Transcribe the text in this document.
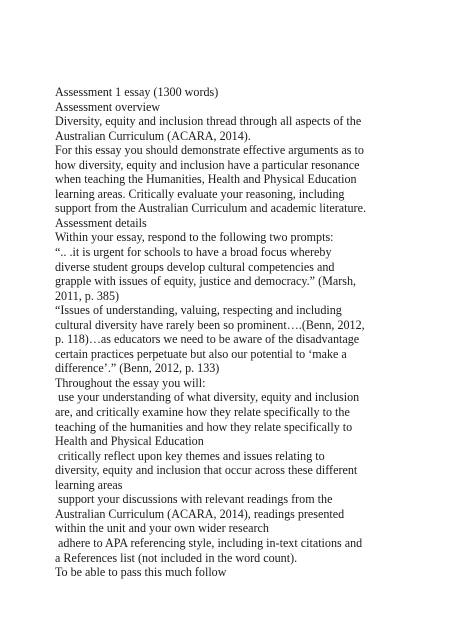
Assessment 1 essay (1300 words)
Assessment overview
Diversity, equity and inclusion thread through all aspects of the
Australian Curriculum (ACARA, 2014).
For this essay you should demonstrate effective arguments as to
how diversity, equity and inclusion have a particular resonance
when teaching the Humanities, Health and Physical Education
learning areas. Critically evaluate your reasoning, including
support from the Australian Curriculum and academic literature.
Assessment details
Within your essay, respond to the following two prompts:
“.. .it is urgent for schools to have a broad focus whereby
diverse student groups develop cultural competencies and
grapple with issues of equity, justice and democracy.” (Marsh,
2011, p. 385)
“Issues of understanding, valuing, respecting and including
cultural diversity have rarely been so prominent….(Benn, 2012,
p. 118)…as educators we need to be aware of the disadvantage
certain practices perpetuate but also our potential to ‘make a
difference’.” (Benn, 2012, p. 133)
Throughout the essay you will:
use your understanding of what diversity, equity and inclusion
are, and critically examine how they relate specifically to the
teaching of the humanities and how they relate specifically to
Health and Physical Education
critically reflect upon key themes and issues relating to
diversity, equity and inclusion that occur across these different
learning areas
support your discussions with relevant readings from the
Australian Curriculum (ACARA, 2014), readings presented
within the unit and your own wider research
adhere to APA referencing style, including in-text citations and
a References list (not included in the word count).
To be able to pass this much follow
